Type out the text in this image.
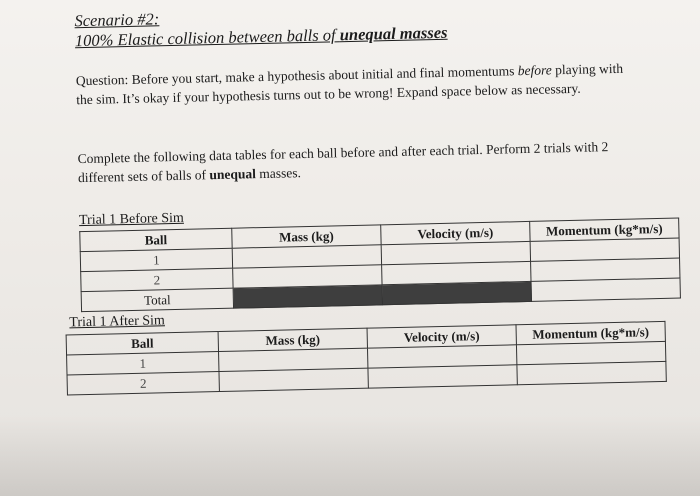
Scenario #2:
100% Elastic collision between balls of unequal masses
Question: Before you start, make a hypothesis about initial and final momentums before playing with the sim. It’s okay if your hypothesis turns out to be wrong! Expand space below as necessary.
Complete the following data tables for each ball before and after each trial. Perform 2 trials with 2 different sets of balls of unequal masses.
Trial 1 Before Sim
Ball	Mass (kg)	Velocity (m/s)	Momentum (kg*m/s)
1			
2			
Total			
Trial 1 After Sim
Ball	Mass (kg)	Velocity (m/s)	Momentum (kg*m/s)
1			
2			
